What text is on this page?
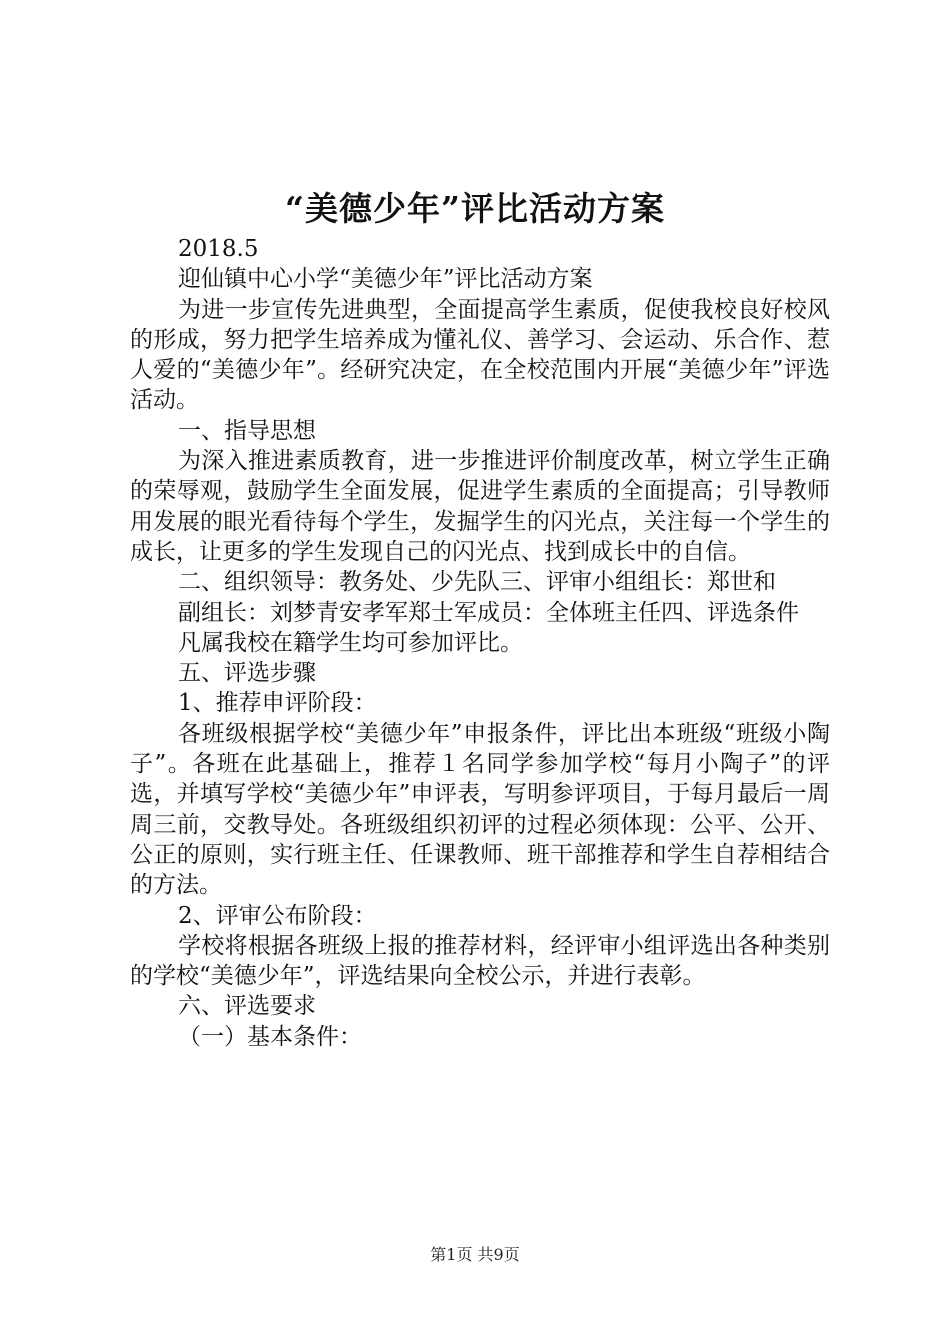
“美德少年”评比活动方案

2018.5

迎仙镇中心小学“美德少年”评比活动方案

为进一步宣传先进典型，全面提高学生素质，促使我校良好校风的形成，努力把学生培养成为懂礼仪、善学习、会运动、乐合作、惹人爱的“美德少年”。经研究决定，在全校范围内开展“美德少年”评选活动。

一、指导思想

为深入推进素质教育，进一步推进评价制度改革，树立学生正确的荣辱观，鼓励学生全面发展，促进学生素质的全面提高；引导教师用发展的眼光看待每个学生，发掘学生的闪光点，关注每一个学生的成长，让更多的学生发现自己的闪光点、找到成长中的自信。

二、组织领导：教务处、少先队三、评审小组组长：郑世和

副组长：刘梦青安孝军郑士军成员：全体班主任四、评选条件

凡属我校在籍学生均可参加评比。

五、评选步骤

1、推荐申评阶段：

各班级根据学校“美德少年”申报条件，评比出本班级“班级小陶子”。各班在此基础上，推荐１名同学参加学校“每月小陶子”的评选，并填写学校“美德少年”申评表，写明参评项目，于每月最后一周周三前，交教导处。各班级组织初评的过程必须体现：公平、公开、公正的原则，实行班主任、任课教师、班干部推荐和学生自荐相结合的方法。

2、评审公布阶段：

学校将根据各班级上报的推荐材料，经评审小组评选出各种类别的学校“美德少年”，评选结果向全校公示，并进行表彰。

六、评选要求

（一）基本条件：

第1页 共9页
